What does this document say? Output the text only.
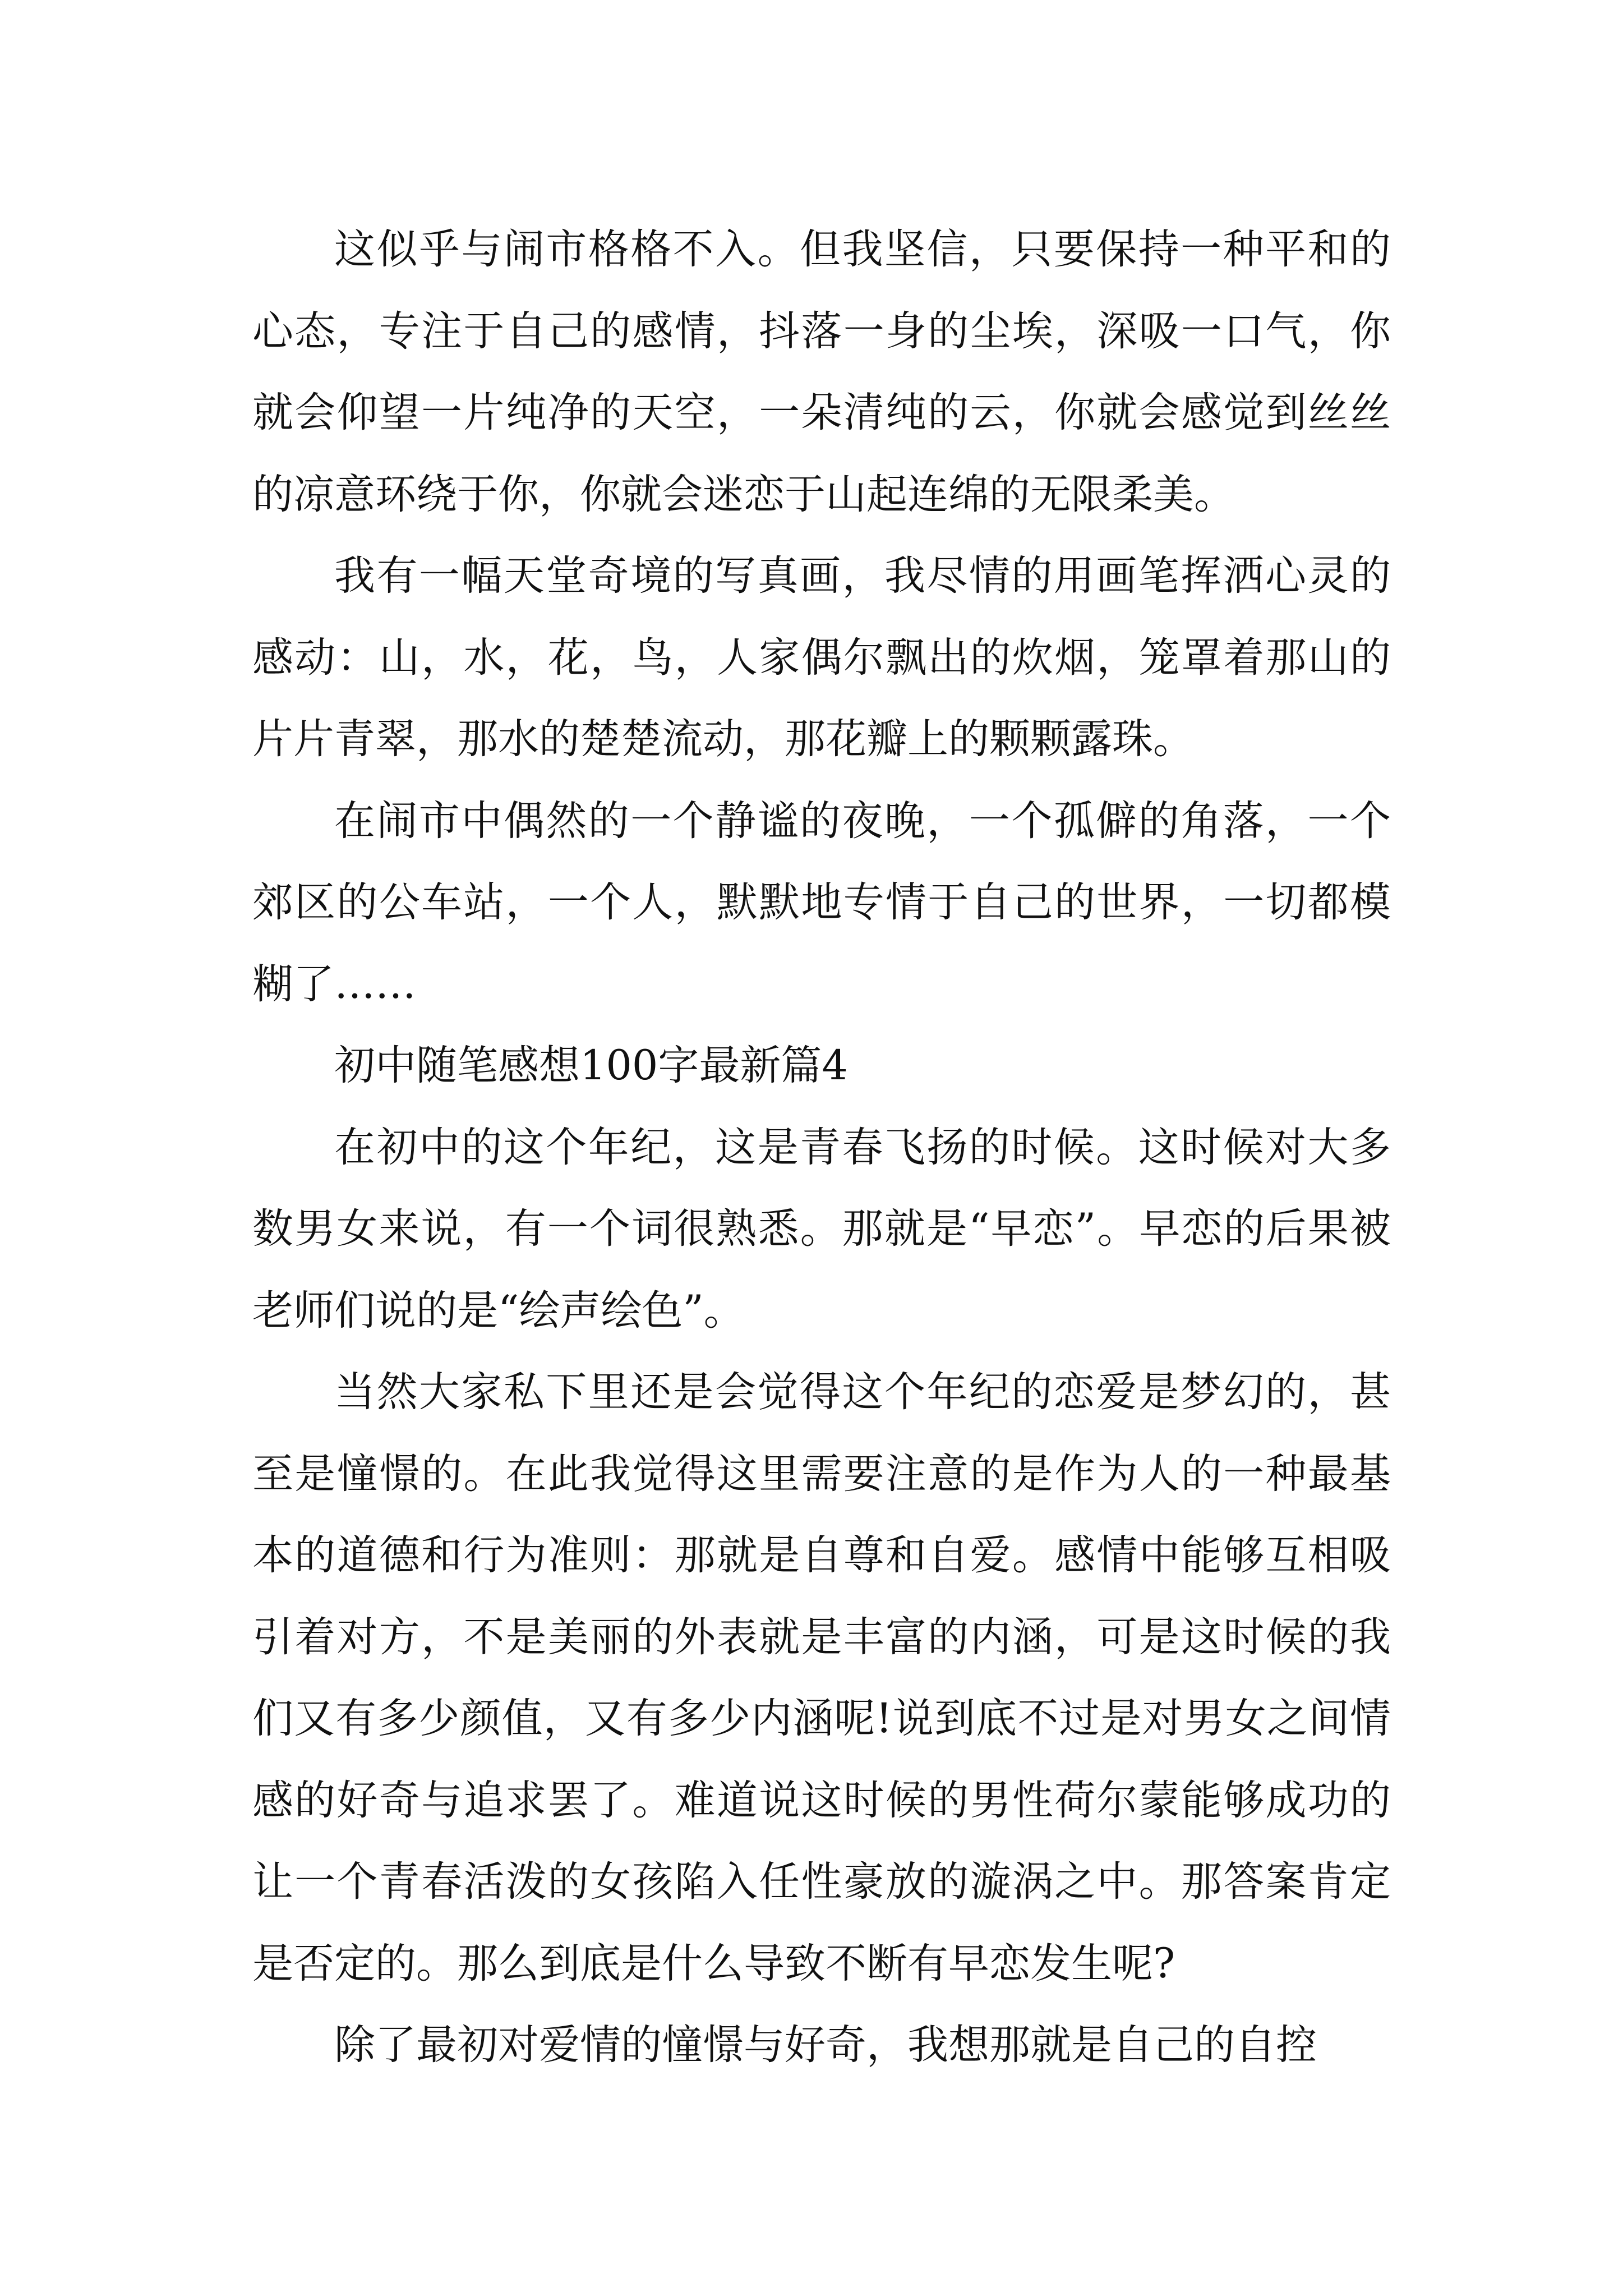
这似乎与闹市格格不入。但我坚信，只要保持一种平和的心态，专注于自己的感情，抖落一身的尘埃，深吸一口气，你就会仰望一片纯净的天空，一朵清纯的云，你就会感觉到丝丝的凉意环绕于你，你就会迷恋于山起连绵的无限柔美。

我有一幅天堂奇境的写真画，我尽情的用画笔挥洒心灵的感动：山，水，花，鸟，人家偶尔飘出的炊烟，笼罩着那山的片片青翠，那水的楚楚流动，那花瓣上的颗颗露珠。

在闹市中偶然的一个静谧的夜晚，一个孤僻的角落，一个郊区的公车站，一个人，默默地专情于自己的世界，一切都模糊了……

初中随笔感想100字最新篇4

在初中的这个年纪，这是青春飞扬的时候。这时候对大多数男女来说，有一个词很熟悉。那就是“早恋”。早恋的后果被老师们说的是“绘声绘色”。

当然大家私下里还是会觉得这个年纪的恋爱是梦幻的，甚至是憧憬的。在此我觉得这里需要注意的是作为人的一种最基本的道德和行为准则：那就是自尊和自爱。感情中能够互相吸引着对方，不是美丽的外表就是丰富的内涵，可是这时候的我们又有多少颜值，又有多少内涵呢!说到底不过是对男女之间情感的好奇与追求罢了。难道说这时候的男性荷尔蒙能够成功的让一个青春活泼的女孩陷入任性豪放的漩涡之中。那答案肯定是否定的。那么到底是什么导致不断有早恋发生呢?

除了最初对爱情的憧憬与好奇，我想那就是自己的自控
